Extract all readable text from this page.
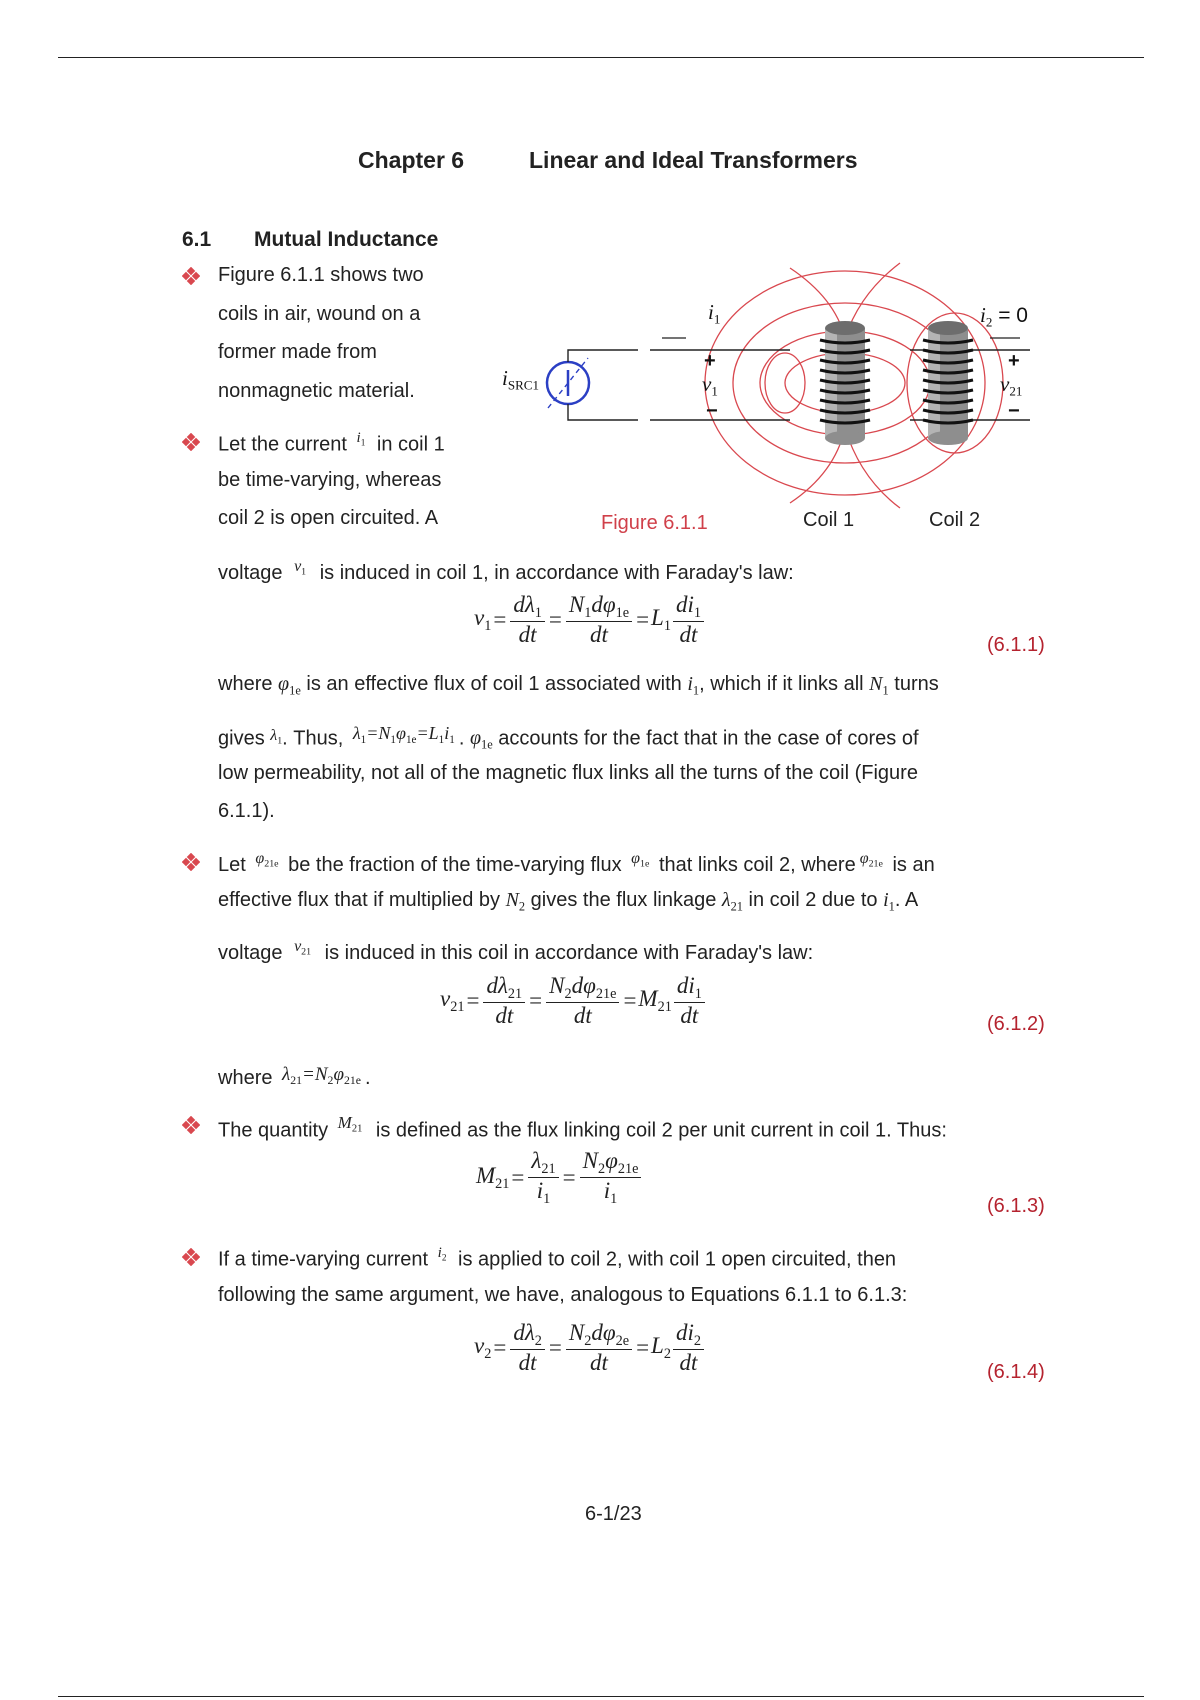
Chapter 6	Linear and Ideal Transformers
6.1 Mutual Inductance
Figure 6.1.1 shows two
coils in air, wound on a
former made from
nonmagnetic material.
Let the current $^{i_1}$ in coil 1
be time-varying, whereas
coil 2 is open circuited. A
voltage $^{v_1}$ is induced in coil 1, in accordance with Faraday's law:
$i_{SRC1}$
$i_1$
+
$v_1$
−
$i_2 = 0$
+
$v_{21}$
−
Figure 6.1.1	Coil 1	Coil 2
$v_1= \frac{d\lambda_1}{dt} = \frac{N_1d\varphi_{1e}}{dt} =L_1 \frac{di_1}{dt}$	(6.1.1)
where $\varphi_{1e}$ is an effective flux of coil 1 associated with $i_1$, which if it links all $N_1$ turns
gives $^{\lambda_1}$. Thus, $\lambda_1=N_1\varphi_{1e}=L_1i_1$ . $\varphi_{1e}$ accounts for the fact that in the case of cores of
low permeability, not all of the magnetic flux links all the turns of the coil (Figure
6.1.1).
Let $^{\varphi_{21e}}$ be the fraction of the time-varying flux $^{\varphi_{1e}}$ that links coil 2, where $^{\varphi_{21e}}$ is an
effective flux that if multiplied by $N_2$ gives the flux linkage $\lambda_{21}$ in coil 2 due to $i_1$. A
voltage $^{v_{21}}$ is induced in this coil in accordance with Faraday's law:
$v_{21}= \frac{d\lambda_{21}}{dt} = \frac{N_2d\varphi_{21e}}{dt} =M_{21} \frac{di_1}{dt}$	(6.1.2)
where $\lambda_{21}=N_2\varphi_{21e}$ .
The quantity $^{M_{21}}$ is defined as the flux linking coil 2 per unit current in coil 1. Thus:
$M_{21}= \frac{\lambda_{21}}{i_1} = \frac{N_2\varphi_{21e}}{i_1}$	(6.1.3)
If a time-varying current $^{i_2}$ is applied to coil 2, with coil 1 open circuited, then
following the same argument, we have, analogous to Equations 6.1.1 to 6.1.3:
$v_2= \frac{d\lambda_2}{dt} = \frac{N_2d\varphi_{2e}}{dt} =L_2 \frac{di_2}{dt}$	(6.1.4)
6-1/23
